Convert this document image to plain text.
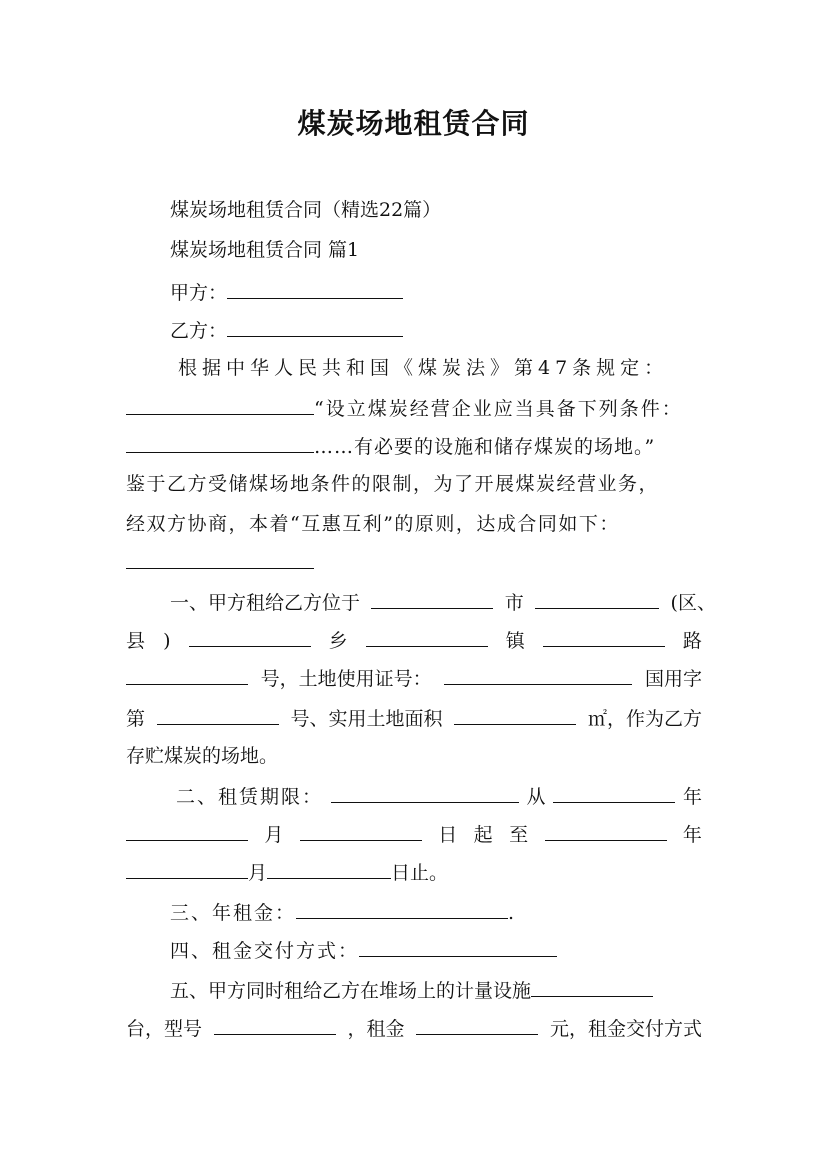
煤炭场地租赁合同
煤炭场地租赁合同（精选22篇）
煤炭场地租赁合同 篇1
甲方：
乙方：
根据中华人民共和国《煤炭法》第47条规定：
“设立煤炭经营企业应当具备下列条件：
……有必要的设施和储存煤炭的场地。”
鉴于乙方受储煤场地条件的限制，为了开展煤炭经营业务，
经双方协商，本着“互惠互利”的原则，达成合同如下：
一、甲方租给乙方位于	市	(区、
县 )	乡	镇	路
号，土地使用证号：	国用字
第	号、实用土地面积	㎡，作为乙方
存贮煤炭的场地。
二、租赁期限：	从	年
月	日 起 至	年
月	日止。
三、年租金：	.
四、租金交付方式：
五、甲方同时租给乙方在堆场上的计量设施
台，型号	，租金	元，租金交付方式
